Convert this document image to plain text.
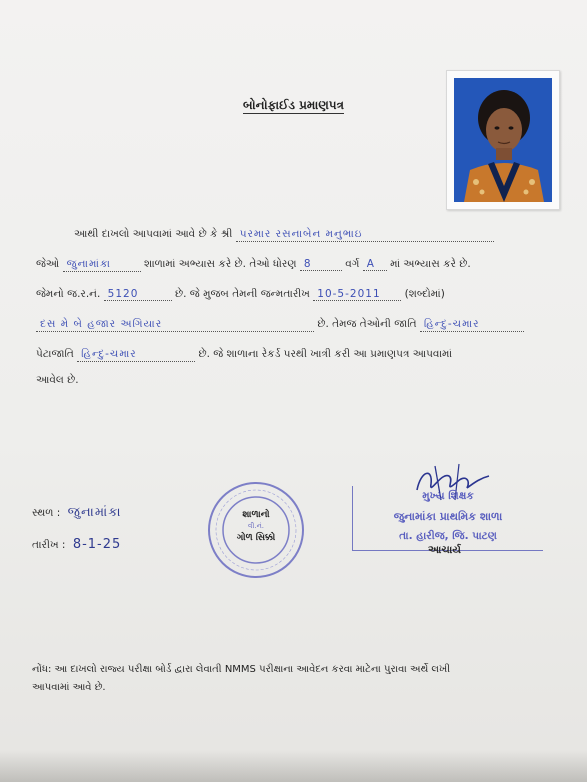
બોનોફાઈડ પ્રમાણપત્ર
આથી દાખલો આપવામાં આવે છે કે શ્રી પરમાર રસનાબેન મનુભાઇ
જેઓ જુનામાંકા	શાળામાં અભ્યાસ કરે છે. તેઓ ધોરણ 8	વર્ગ A માં અભ્યાસ કરે છે.
જેમનો જ.ર.નં. 5120	છે. જે મુજબ તેમની જન્મતારીખ 10-5-2011 (શબ્દોમાં)
દસ મે બે હજાર અગિયાર	છે. તેમજ તેઓની જાતિ હિન્દુ-ચમાર
પેટાજાતિ હિન્દુ-ચમાર	છે. જે શાળાના રેકર્ડ પરથી ખાત્રી કરી આ પ્રમાણપત્ર આપવામાં
આવેલ છે.
સ્થળ : જુનામાંકા
તારીખ : 8-1-25
શાળાનો
વી.નં.
ગોળ સિક્કો
મુખ્ય શિક્ષક
જુનામાંકા પ્રાથમિક શાળા
તા. હારીજ, જિ. પાટણ
આચાર્ય
નોંધ: આ દાખલો રાજ્ય પરીક્ષા બોર્ડ દ્વારા લેવાતી NMMS પરીક્ષાના આવેદન કરવા માટેના પુરાવા અર્થે લખી
આપવામાં આવે છે.
